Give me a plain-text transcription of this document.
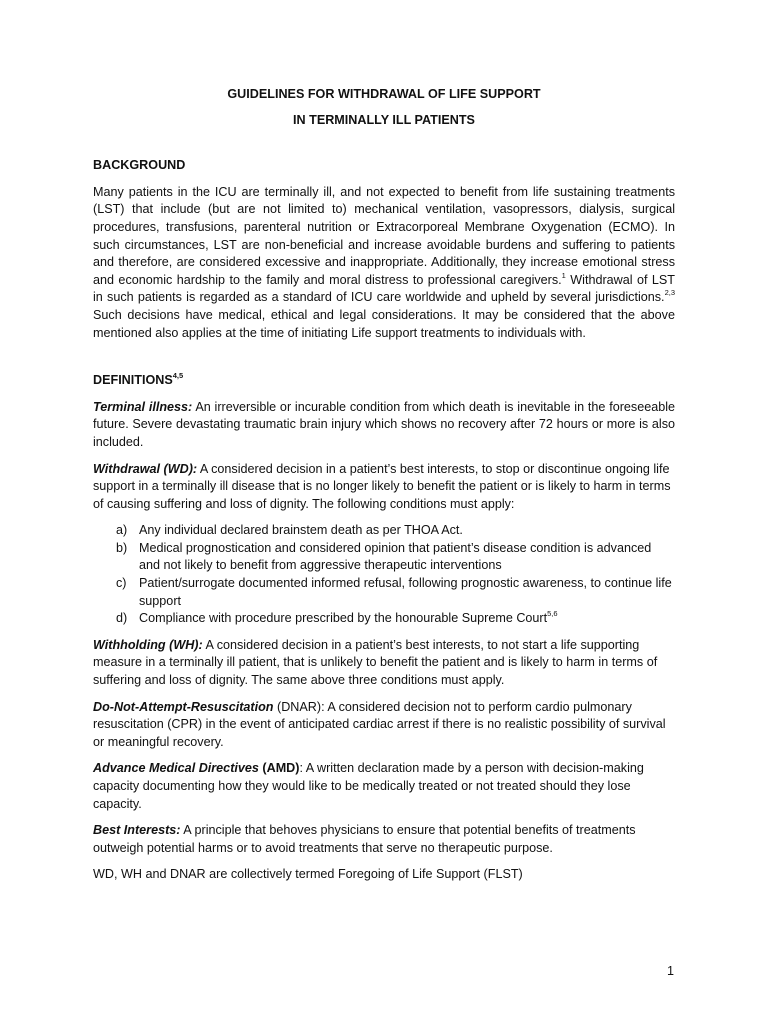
GUIDELINES FOR WITHDRAWAL OF LIFE SUPPORT

IN TERMINALLY ILL PATIENTS

BACKGROUND

Many patients in the ICU are terminally ill, and not expected to benefit from life sustaining treatments (LST) that include (but are not limited to) mechanical ventilation, vasopressors, dialysis, surgical procedures, transfusions, parenteral nutrition or Extracorporeal Membrane Oxygenation (ECMO). In such circumstances, LST are non-beneficial and increase avoidable burdens and suffering to patients and therefore, are considered excessive and inappropriate. Additionally, they increase emotional stress and economic hardship to the family and moral distress to professional caregivers.$^1$ Withdrawal of LST in such patients is regarded as a standard of ICU care worldwide and upheld by several jurisdictions.$^{2,3}$ Such decisions have medical, ethical and legal considerations. It may be considered that the above mentioned also applies at the time of initiating Life support treatments to individuals with.

DEFINITIONS$^{4,5}$

Terminal illness: An irreversible or incurable condition from which death is inevitable in the foreseeable future. Severe devastating traumatic brain injury which shows no recovery after 72 hours or more is also included.

Withdrawal (WD): A considered decision in a patient’s best interests, to stop or discontinue ongoing life support in a terminally ill disease that is no longer likely to benefit the patient or is likely to harm in terms of causing suffering and loss of dignity. The following conditions must apply:

a) Any individual declared brainstem death as per THOA Act.
b) Medical prognostication and considered opinion that patient’s disease condition is advanced and not likely to benefit from aggressive therapeutic interventions
c) Patient/surrogate documented informed refusal, following prognostic awareness, to continue life support
d) Compliance with procedure prescribed by the honourable Supreme Court$^{5,6}$

Withholding (WH): A considered decision in a patient’s best interests, to not start a life supporting measure in a terminally ill patient, that is unlikely to benefit the patient and is likely to harm in terms of suffering and loss of dignity. The same above three conditions must apply.

Do-Not-Attempt-Resuscitation (DNAR): A considered decision not to perform cardio pulmonary resuscitation (CPR) in the event of anticipated cardiac arrest if there is no realistic possibility of survival or meaningful recovery.

Advance Medical Directives (AMD): A written declaration made by a person with decision-making capacity documenting how they would like to be medically treated or not treated should they lose capacity.

Best Interests: A principle that behoves physicians to ensure that potential benefits of treatments outweigh potential harms or to avoid treatments that serve no therapeutic purpose.

WD, WH and DNAR are collectively termed Foregoing of Life Support (FLST)

1
